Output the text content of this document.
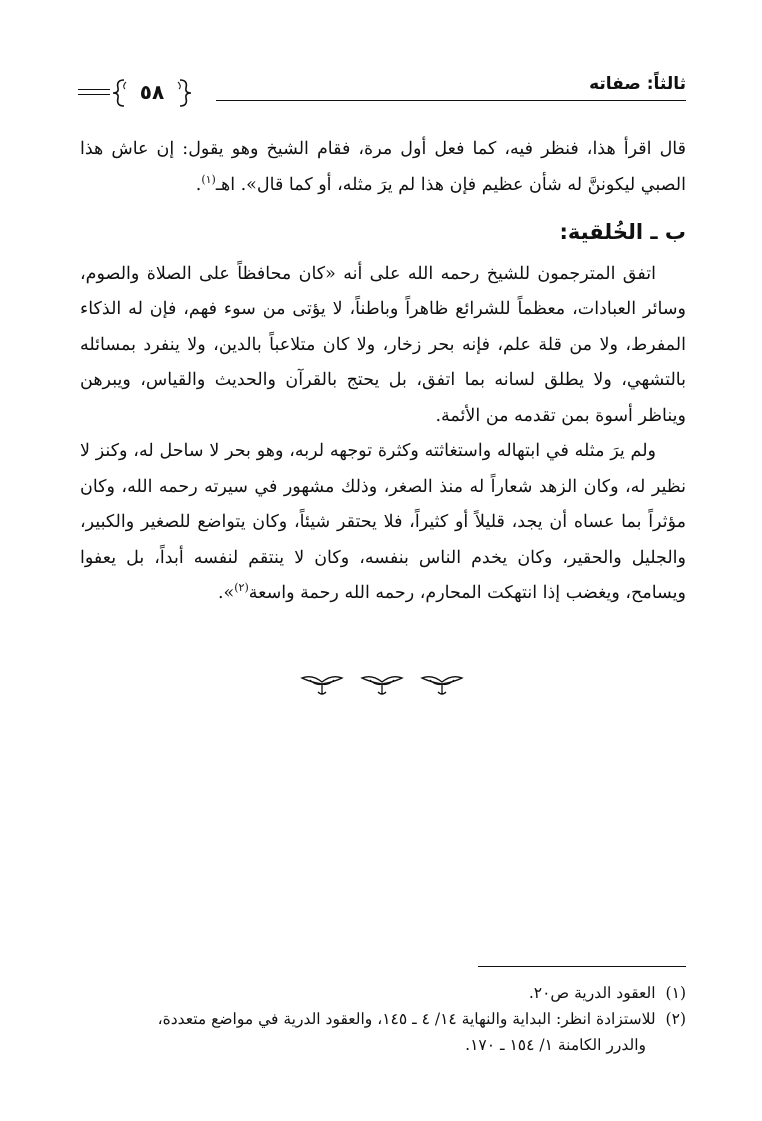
ثالثاً: صفاته
٥٨

قال اقرأ هذا، فنظر فيه، كما فعل أول مرة، فقام الشيخ وهو يقول: إن عاش هذا الصبي ليكوننَّ له شأن عظيم فإن هذا لم يرَ مثله، أو كما قال». اهـ$^{(١)}$.

ب ـ الخُلقية:

اتفق المترجمون للشيخ رحمه الله على أنه «كان محافظاً على الصلاة والصوم، وسائر العبادات، معظماً للشرائع ظاهراً وباطناً، لا يؤتى من سوء فهم، فإن له الذكاء المفرط، ولا من قلة علم، فإنه بحر زخار، ولا كان متلاعباً بالدين، ولا ينفرد بمسائله بالتشهي، ولا يطلق لسانه بما اتفق، بل يحتج بالقرآن والحديث والقياس، ويبرهن ويناظر أسوة بمن تقدمه من الأئمة.

ولم يرَ مثله في ابتهاله واستغاثته وكثرة توجهه لربه، وهو بحر لا ساحل له، وكنز لا نظير له، وكان الزهد شعاراً له منذ الصغر، وذلك مشهور في سيرته رحمه الله، وكان مؤثراً بما عساه أن يجد، قليلاً أو كثيراً، فلا يحتقر شيئاً، وكان يتواضع للصغير والكبير، والجليل والحقير، وكان يخدم الناس بنفسه، وكان لا ينتقم لنفسه أبداً، بل يعفوا ويسامح، ويغضب إذا انتهكت المحارم، رحمه الله رحمة واسعة$^{(٢)}$».

(١)العقود الدرية ص٢٠.

(٢)للاستزادة انظر: البداية والنهاية ١٤/ ٤ ـ ١٤٥، والعقود الدرية في مواضع متعددة،

والدرر الكامنة ١/ ١٥٤ ـ ١٧٠.
